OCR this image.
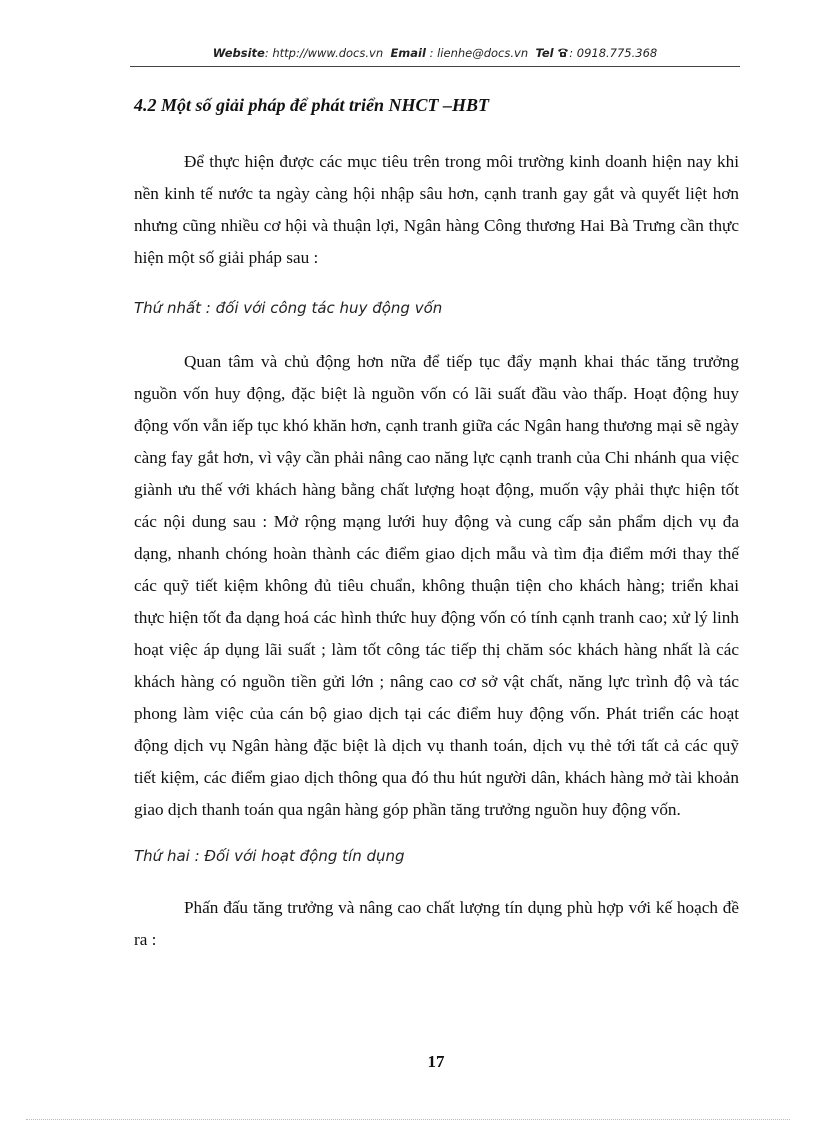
Website: http://www.docs.vn Email : lienhe@docs.vn Tel : 0918.775.368

4.2 Một số giải pháp để phát triển NHCT –HBT

Để thực hiện được các mục tiêu trên trong môi trường kinh doanh hiện nay khi nền kinh tế nước ta ngày càng hội nhập sâu hơn, cạnh tranh gay gắt và quyết liệt hơn nhưng cũng nhiều cơ hội và thuận lợi, Ngân hàng Công thương Hai Bà Trưng cần thực hiện một số giải pháp sau :

Thứ nhất : đối với công tác huy động vốn

Quan tâm và chủ động hơn nữa để tiếp tục đẩy mạnh khai thác tăng trưởng nguồn vốn huy động, đặc biệt là nguồn vốn có lãi suất đầu vào thấp. Hoạt động huy động vốn vẫn iếp tục khó khăn hơn, cạnh tranh giữa các Ngân hang thương mại sẽ ngày càng fay gắt hơn, vì vậy cần phải nâng cao năng lực cạnh tranh của Chi nhánh qua việc giành ưu thế với khách hàng bằng chất lượng hoạt động, muốn vậy phải thực hiện tốt các nội dung sau : Mở rộng mạng lưới huy động và cung cấp sản phẩm dịch vụ đa dạng, nhanh chóng hoàn thành các điểm giao dịch mẫu và tìm địa điểm mới thay thế các quỹ tiết kiệm không đủ tiêu chuẩn, không thuận tiện cho khách hàng; triển khai thực hiện tốt đa dạng hoá các hình thức huy động vốn có tính cạnh tranh cao; xử lý linh hoạt việc áp dụng lãi suất ; làm tốt công tác tiếp thị chăm sóc khách hàng nhất là các khách hàng có nguồn tiền gửi lớn ; nâng cao cơ sở vật chất, năng lực trình độ và tác phong làm việc của cán bộ giao dịch tại các điểm huy động vốn. Phát triển các hoạt động dịch vụ Ngân hàng đặc biệt là dịch vụ thanh toán, dịch vụ thẻ tới tất cả các quỹ tiết kiệm, các điểm giao dịch thông qua đó thu hút người dân, khách hàng mở tài khoản giao dịch thanh toán qua ngân hàng góp phần tăng trưởng nguồn huy động vốn.

Thứ hai : Đối với hoạt động tín dụng

Phấn đấu tăng trưởng và nâng cao chất lượng tín dụng phù hợp với kế hoạch đề ra :

17
